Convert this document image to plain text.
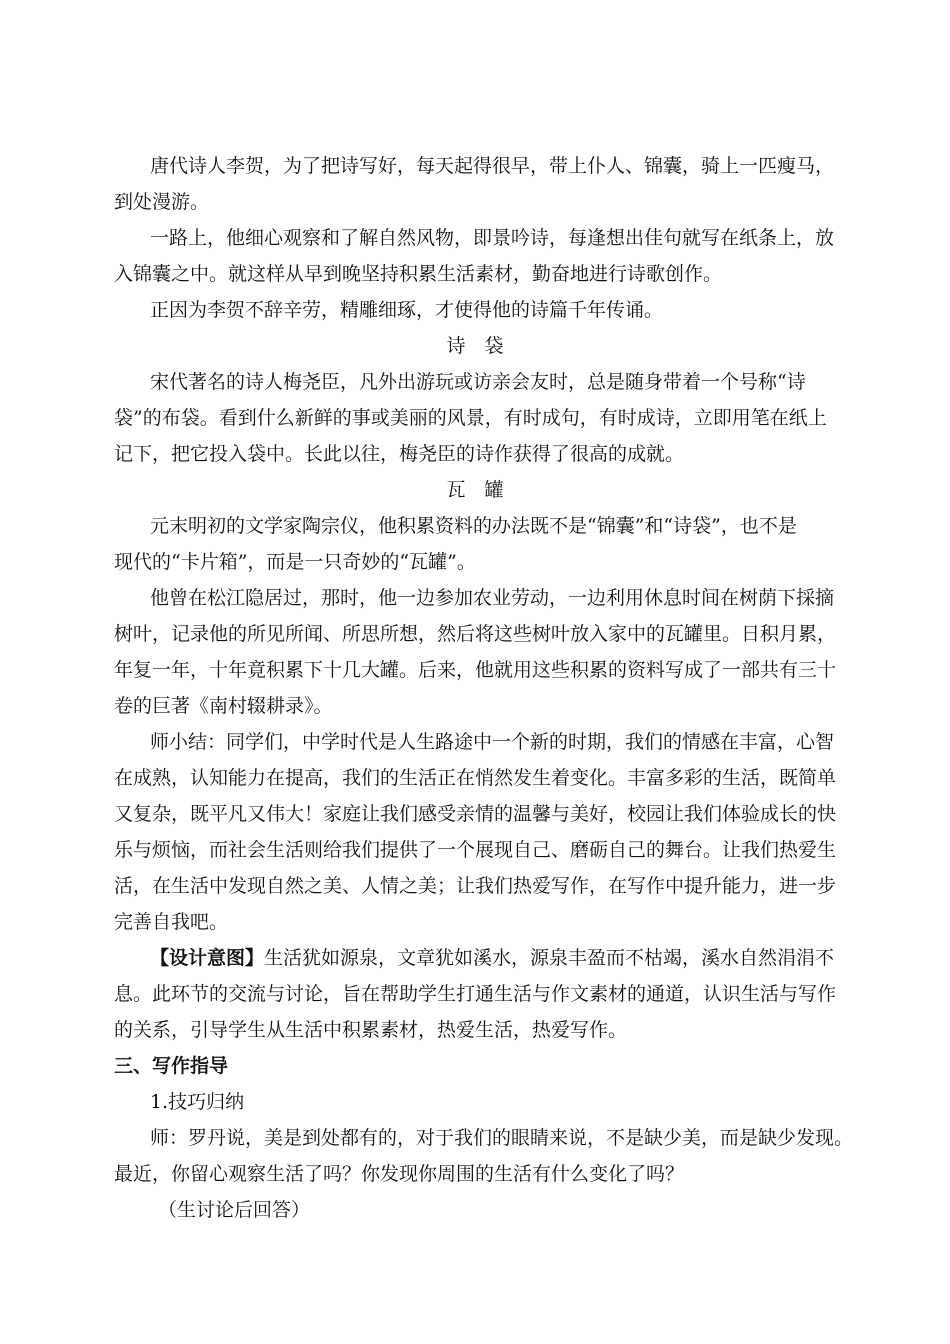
唐代诗人李贺，为了把诗写好，每天起得很早，带上仆人、锦囊，骑上一匹瘦马，
到处漫游。
一路上，他细心观察和了解自然风物，即景吟诗，每逢想出佳句就写在纸条上，放
入锦囊之中。就这样从早到晚坚持积累生活素材，勤奋地进行诗歌创作。
正因为李贺不辞辛劳，精雕细琢，才使得他的诗篇千年传诵。
诗　袋
宋代著名的诗人梅尧臣，凡外出游玩或访亲会友时，总是随身带着一个号称“诗
袋”的布袋。看到什么新鲜的事或美丽的风景，有时成句，有时成诗，立即用笔在纸上
记下，把它投入袋中。长此以往，梅尧臣的诗作获得了很高的成就。
瓦　罐
元末明初的文学家陶宗仪，他积累资料的办法既不是“锦囊”和“诗袋”，也不是
现代的“卡片箱”，而是一只奇妙的“瓦罐”。
他曾在松江隐居过，那时，他一边参加农业劳动，一边利用休息时间在树荫下採摘
树叶，记录他的所见所闻、所思所想，然后将这些树叶放入家中的瓦罐里。日积月累，
年复一年，十年竟积累下十几大罐。后来，他就用这些积累的资料写成了一部共有三十
卷的巨著《南村辍耕录》。
师小结：同学们，中学时代是人生路途中一个新的时期，我们的情感在丰富，心智
在成熟，认知能力在提高，我们的生活正在悄然发生着变化。丰富多彩的生活，既简单
又复杂，既平凡又伟大！家庭让我们感受亲情的温馨与美好，校园让我们体验成长的快
乐与烦恼，而社会生活则给我们提供了一个展现自己、磨砺自己的舞台。让我们热爱生
活，在生活中发现自然之美、人情之美；让我们热爱写作，在写作中提升能力，进一步
完善自我吧。
【设计意图】生活犹如源泉，文章犹如溪水，源泉丰盈而不枯竭，溪水自然涓涓不
息。此环节的交流与讨论，旨在帮助学生打通生活与作文素材的通道，认识生活与写作
的关系，引导学生从生活中积累素材，热爱生活，热爱写作。
三、写作指导
1.技巧归纳
师：罗丹说，美是到处都有的，对于我们的眼睛来说，不是缺少美，而是缺少发现。
最近，你留心观察生活了吗？你发现你周围的生活有什么变化了吗？
（生讨论后回答）
